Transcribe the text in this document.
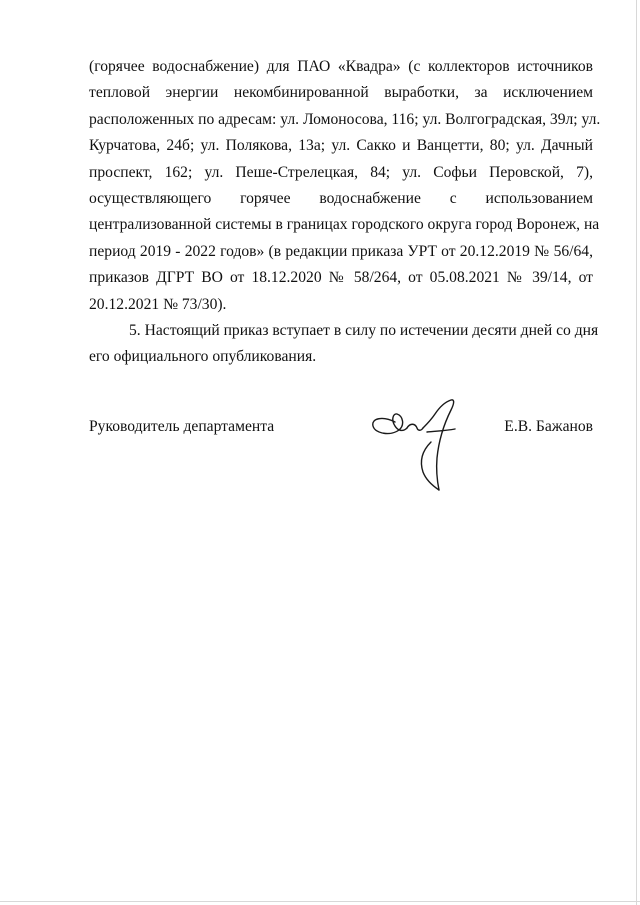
(горячее водоснабжение) для ПАО «Квадра» (с коллекторов источников
тепловой энергии некомбинированной выработки, за исключением
расположенных по адресам: ул. Ломоносова, 116; ул. Волгоградская, 39л; ул.
Курчатова, 24б; ул. Полякова, 13а; ул. Сакко и Ванцетти, 80; ул. Дачный
проспект, 162; ул. Пеше-Стрелецкая, 84; ул. Софьи Перовской, 7),
осуществляющего горячее водоснабжение с использованием
централизованной системы в границах городского округа город Воронеж, на
период 2019 - 2022 годов» (в редакции приказа УРТ от 20.12.2019 № 56/64,
приказов ДГРТ ВО от 18.12.2020 № 58/264, от 05.08.2021 № 39/14, от
20.12.2021 № 73/30).

5. Настоящий приказ вступает в силу по истечении десяти дней со дня
его официального опубликования.

Руководитель департамента	Е.В. Бажанов
